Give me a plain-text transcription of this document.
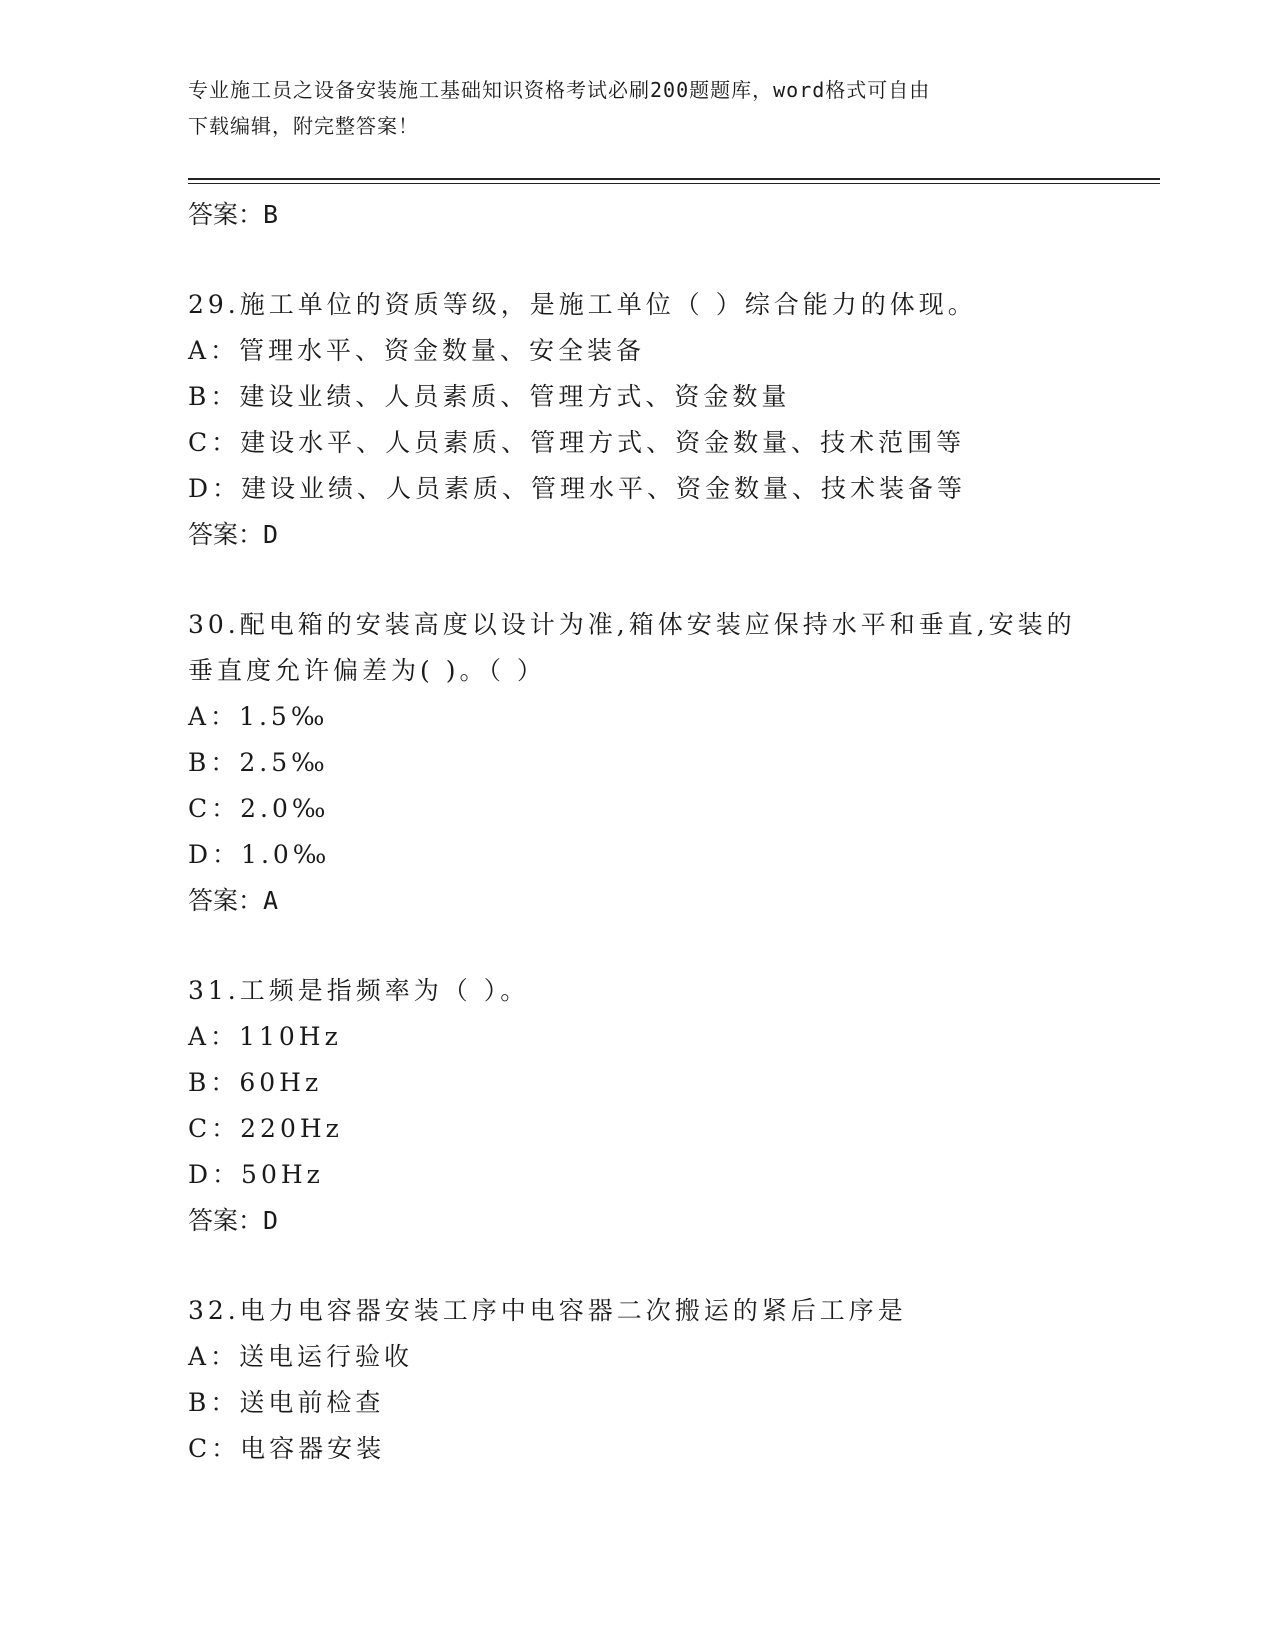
专业施工员之设备安装施工基础知识资格考试必刷200题题库，word格式可自由
下载编辑，附完整答案！
答案：B
29.施工单位的资质等级，是施工单位（ ）综合能力的体现。
A：管理水平、资金数量、安全装备
B：建设业绩、人员素质、管理方式、资金数量
C：建设水平、人员素质、管理方式、资金数量、技术范围等
D：建设业绩、人员素质、管理水平、资金数量、技术装备等
答案：D
30.配电箱的安装高度以设计为准,箱体安装应保持水平和垂直,安装的
垂直度允许偏差为( )。（ ）
A：1.5‰
B：2.5‰
C：2.0‰
D：1.0‰
答案：A
31.工频是指频率为（ ）。
A：110Hz
B：60Hz
C：220Hz
D：50Hz
答案：D
32.电力电容器安装工序中电容器二次搬运的紧后工序是
A：送电运行验收
B：送电前检查
C：电容器安装
